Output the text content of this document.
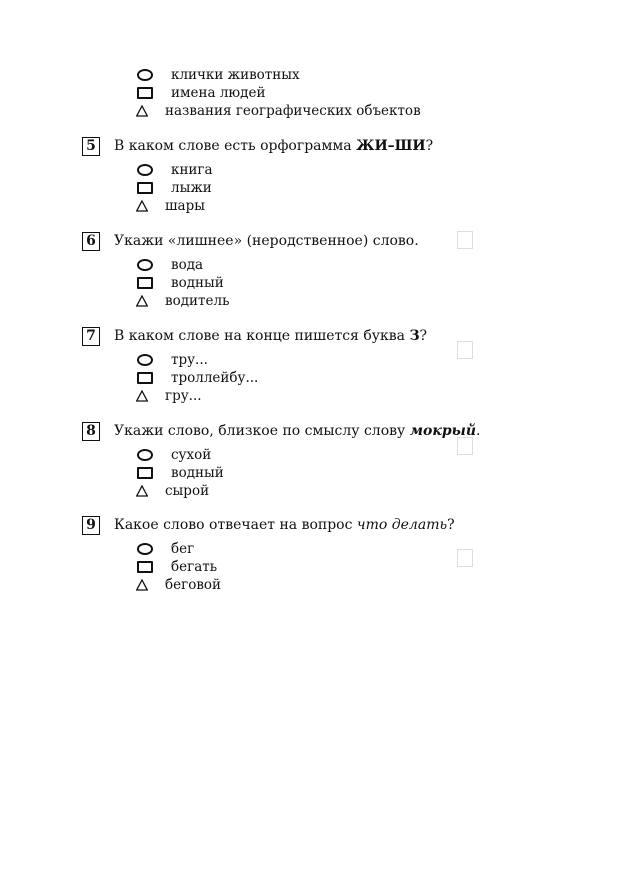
клички животных
имена людей
названия географических объектов
5 В каком слове есть орфограмма ЖИ–ШИ?
книга
лыжи
шары
6 Укажи «лишнее» (неродственное) слово.
вода
водный
водитель
7 В каком слове на конце пишется буква З?
тру...
троллейбу...
гру...
8 Укажи слово, близкое по смыслу слову мокрый.
сухой
водный
сырой
9 Какое слово отвечает на вопрос что делать?
бег
бегать
беговой
